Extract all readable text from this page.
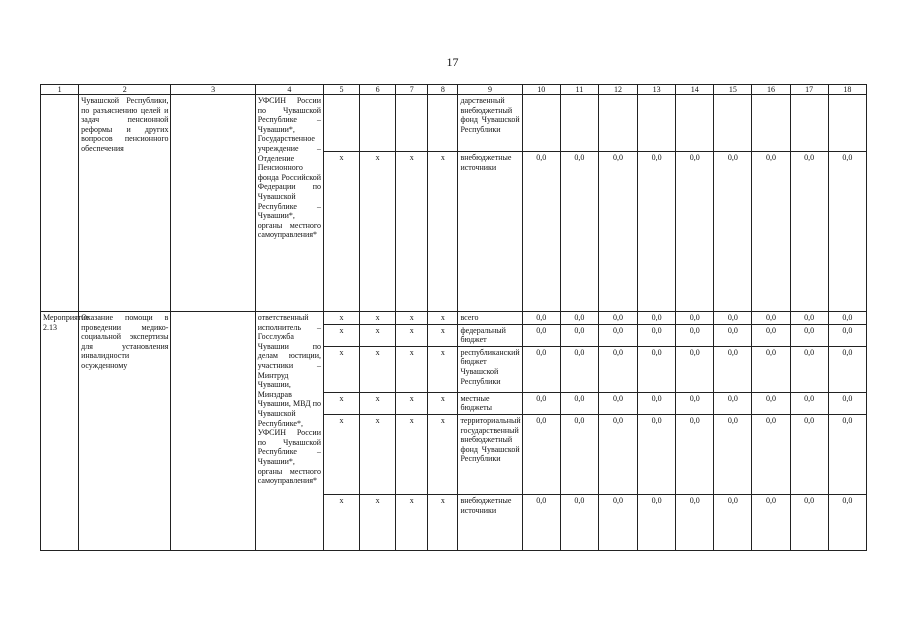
17
1	2	3	4	5	6	7	8	9	10	11	12	13	14	15	16	17	18
	Чувашской Республики, по разъяснению целей и задач пенсионной реформы и других вопросов пенсионного обеспечения		УФСИН России по Чувашской Республике – Чувашии*, Государственное учреждение – Отделение Пенсионного фонда Российской Федерации по Чувашской Республике – Чувашии*, органы местного самоуправления*					дарственный внебюджетный фонд Чувашской Республики									
				x	x	x	x	внебюджетные источники	0,0	0,0	0,0	0,0	0,0	0,0	0,0	0,0	0,0
Мероприятие 2.13	Оказание помощи в проведении медико-социальной экспертизы для установления инвалидности осужденному		ответственный исполнитель – Госслужба Чувашии по делам юстиции, участники – Минтруд Чувашии, Минздрав Чувашии, МВД по Чувашской Республике*, УФСИН России по Чувашской Республике – Чувашии*, органы местного самоуправления*	x	x	x	x	всего	0,0	0,0	0,0	0,0	0,0	0,0	0,0	0,0	0,0
				x	x	x	x	федеральный бюджет	0,0	0,0	0,0	0,0	0,0	0,0	0,0	0,0	0,0
				x	x	x	x	республиканский бюджет Чувашской Республики	0,0	0,0	0,0	0,0	0,0	0,0	0,0	0,0	0,0
				x	x	x	x	местные бюджеты	0,0	0,0	0,0	0,0	0,0	0,0	0,0	0,0	0,0
				x	x	x	x	территориальный государственный внебюджетный фонд Чувашской Республики	0,0	0,0	0,0	0,0	0,0	0,0	0,0	0,0	0,0
				x	x	x	x	внебюджетные источники	0,0	0,0	0,0	0,0	0,0	0,0	0,0	0,0	0,0
